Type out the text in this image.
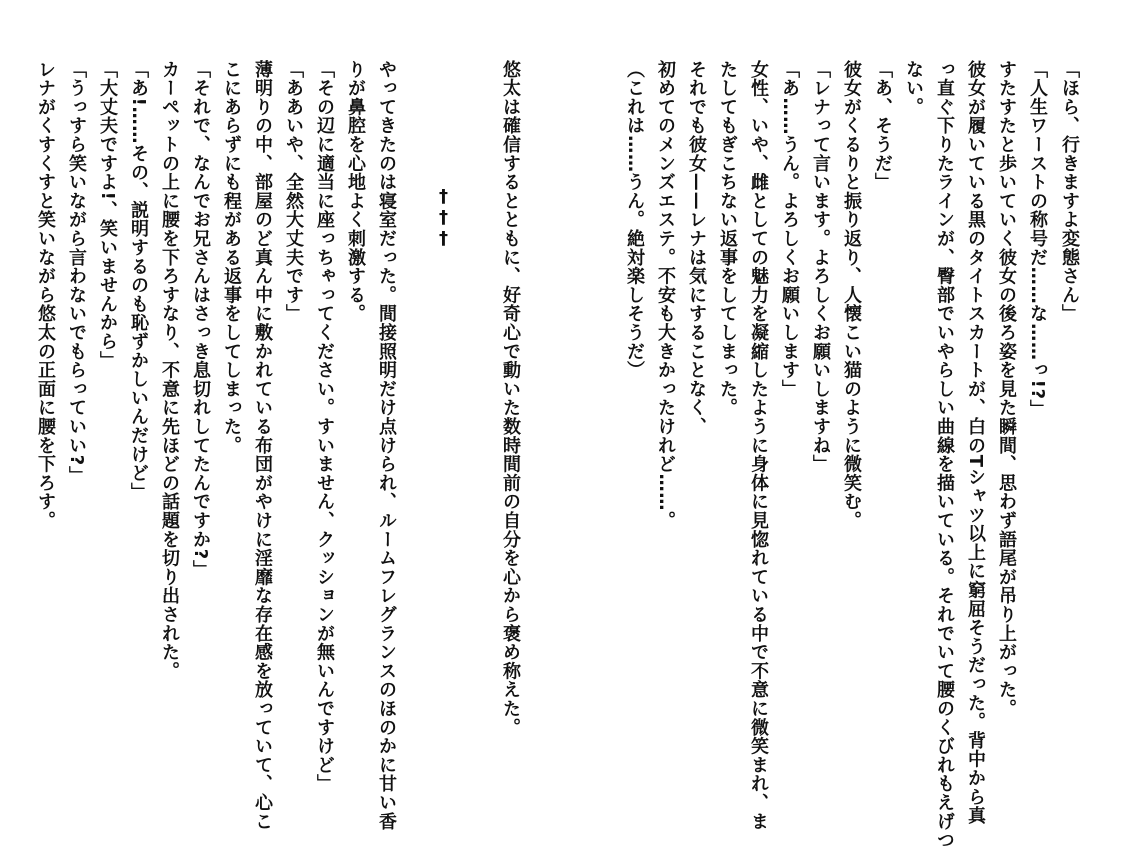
「ほら、行きますよ変態さん」
「人生ワーストの称号だ……な……っ!?」
すたすたと歩いていく彼女の後ろ姿を見た瞬間、思わず語尾が吊り上がった。
彼女が履いている黒のタイトスカートが、白のTシャツ以上に窮屈そうだった。背中から真
っ直ぐ下りたラインが、臀部でいやらしい曲線を描いている。それでいて腰のくびれもえげつ
ない。
「あ、そうだ」
彼女がくるりと振り返り、人懐こい猫のように微笑む。
「レナって言います。よろしくお願いしますね」
「あ……うん。よろしくお願いします」
女性、いや、雌としての魅力を凝縮したように身体に見惚れている中で不意に微笑まれ、ま
たしてもぎこちない返事をしてしまった。
それでも彼女——レナは気にすることなく、
初めてのメンズエステ。不安も大きかったけれど……。
（これは……うん。絶対楽しそうだ）
悠太は確信するとともに、好奇心で動いた数時間前の自分を心から褒め称えた。
†††
やってきたのは寝室だった。間接照明だけ点けられ、ルームフレグランスのほのかに甘い香
りが鼻腔を心地よく刺激する。
「その辺に適当に座っちゃってください。すいません、クッションが無いんですけど」
「ああいや、全然大丈夫です」
薄明りの中、部屋のど真ん中に敷かれている布団がやけに淫靡な存在感を放っていて、心こ
こにあらずにも程がある返事をしてしまった。
「それで、なんでお兄さんはさっき息切れしてたんですか?」
カーペットの上に腰を下ろすなり、不意に先ほどの話題を切り出された。
「あ!……その、説明するのも恥ずかしいんだけど」
「大丈夫ですよ!、笑いませんから」
「うっすら笑いながら言わないでもらっていい?」
レナがくすくすと笑いながら悠太の正面に腰を下ろす。
